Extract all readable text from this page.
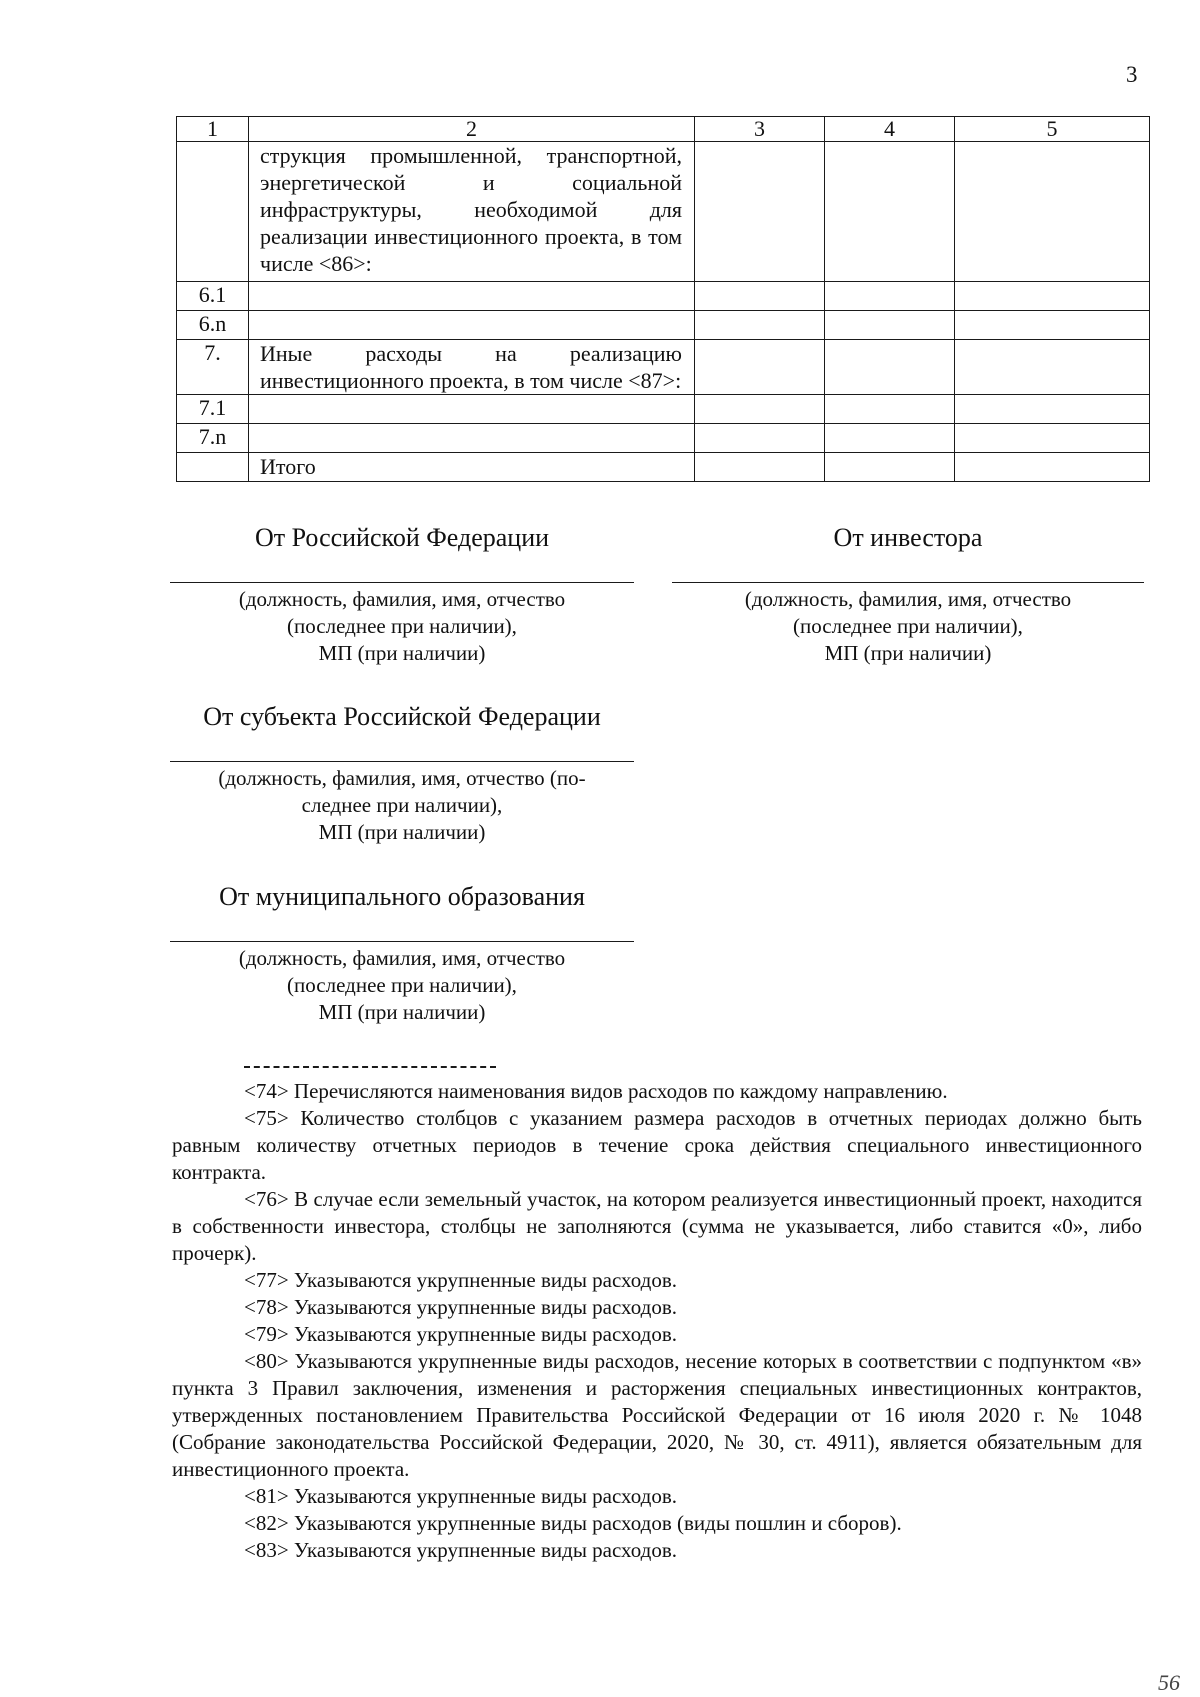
3
1	2	3	4	5
	струкция промышленной, транспортной, энергетической и социальной инфраструктуры, необходимой для реализации инвестиционного проекта, в том числе <86>:			
6.1				
6.n				
7.	Иные расходы на реализацию инвестиционного проекта, в том числе <87>:			
7.1				
7.n				
	Итого			
От Российской Федерации
(должность, фамилия, имя, отчество
(последнее при наличии),
МП (при наличии)
От инвестора
(должность, фамилия, имя, отчество
(последнее при наличии),
МП (при наличии)
От субъекта Российской Федерации
(должность, фамилия, имя, отчество (по-
следнее при наличии),
МП (при наличии)
От муниципального образования
(должность, фамилия, имя, отчество
(последнее при наличии),
МП (при наличии)

<74> Перечисляются наименования видов расходов по каждому направлению.

<75> Количество столбцов с указанием размера расходов в отчетных периодах должно быть равным количеству отчетных периодов в течение срока действия специального инвестиционного контракта.

<76> В случае если земельный участок, на котором реализуется инвестиционный проект, находится в собственности инвестора, столбцы не заполняются (сумма не указывается, либо ставится «0», либо прочерк).

<77> Указываются укрупненные виды расходов.

<78> Указываются укрупненные виды расходов.

<79> Указываются укрупненные виды расходов.

<80> Указываются укрупненные виды расходов, несение которых в соответствии с подпунктом «в» пункта 3 Правил заключения, изменения и расторжения специальных инвестиционных контрактов, утвержденных постановлением Правительства Российской Федерации от 16 июля 2020 г. № 1048 (Собрание законодательства Российской Федерации, 2020, № 30, ст. 4911), является обязательным для инвестиционного проекта.

<81> Указываются укрупненные виды расходов.

<82> Указываются укрупненные виды расходов (виды пошлин и сборов).

<83> Указываются укрупненные виды расходов.

56
